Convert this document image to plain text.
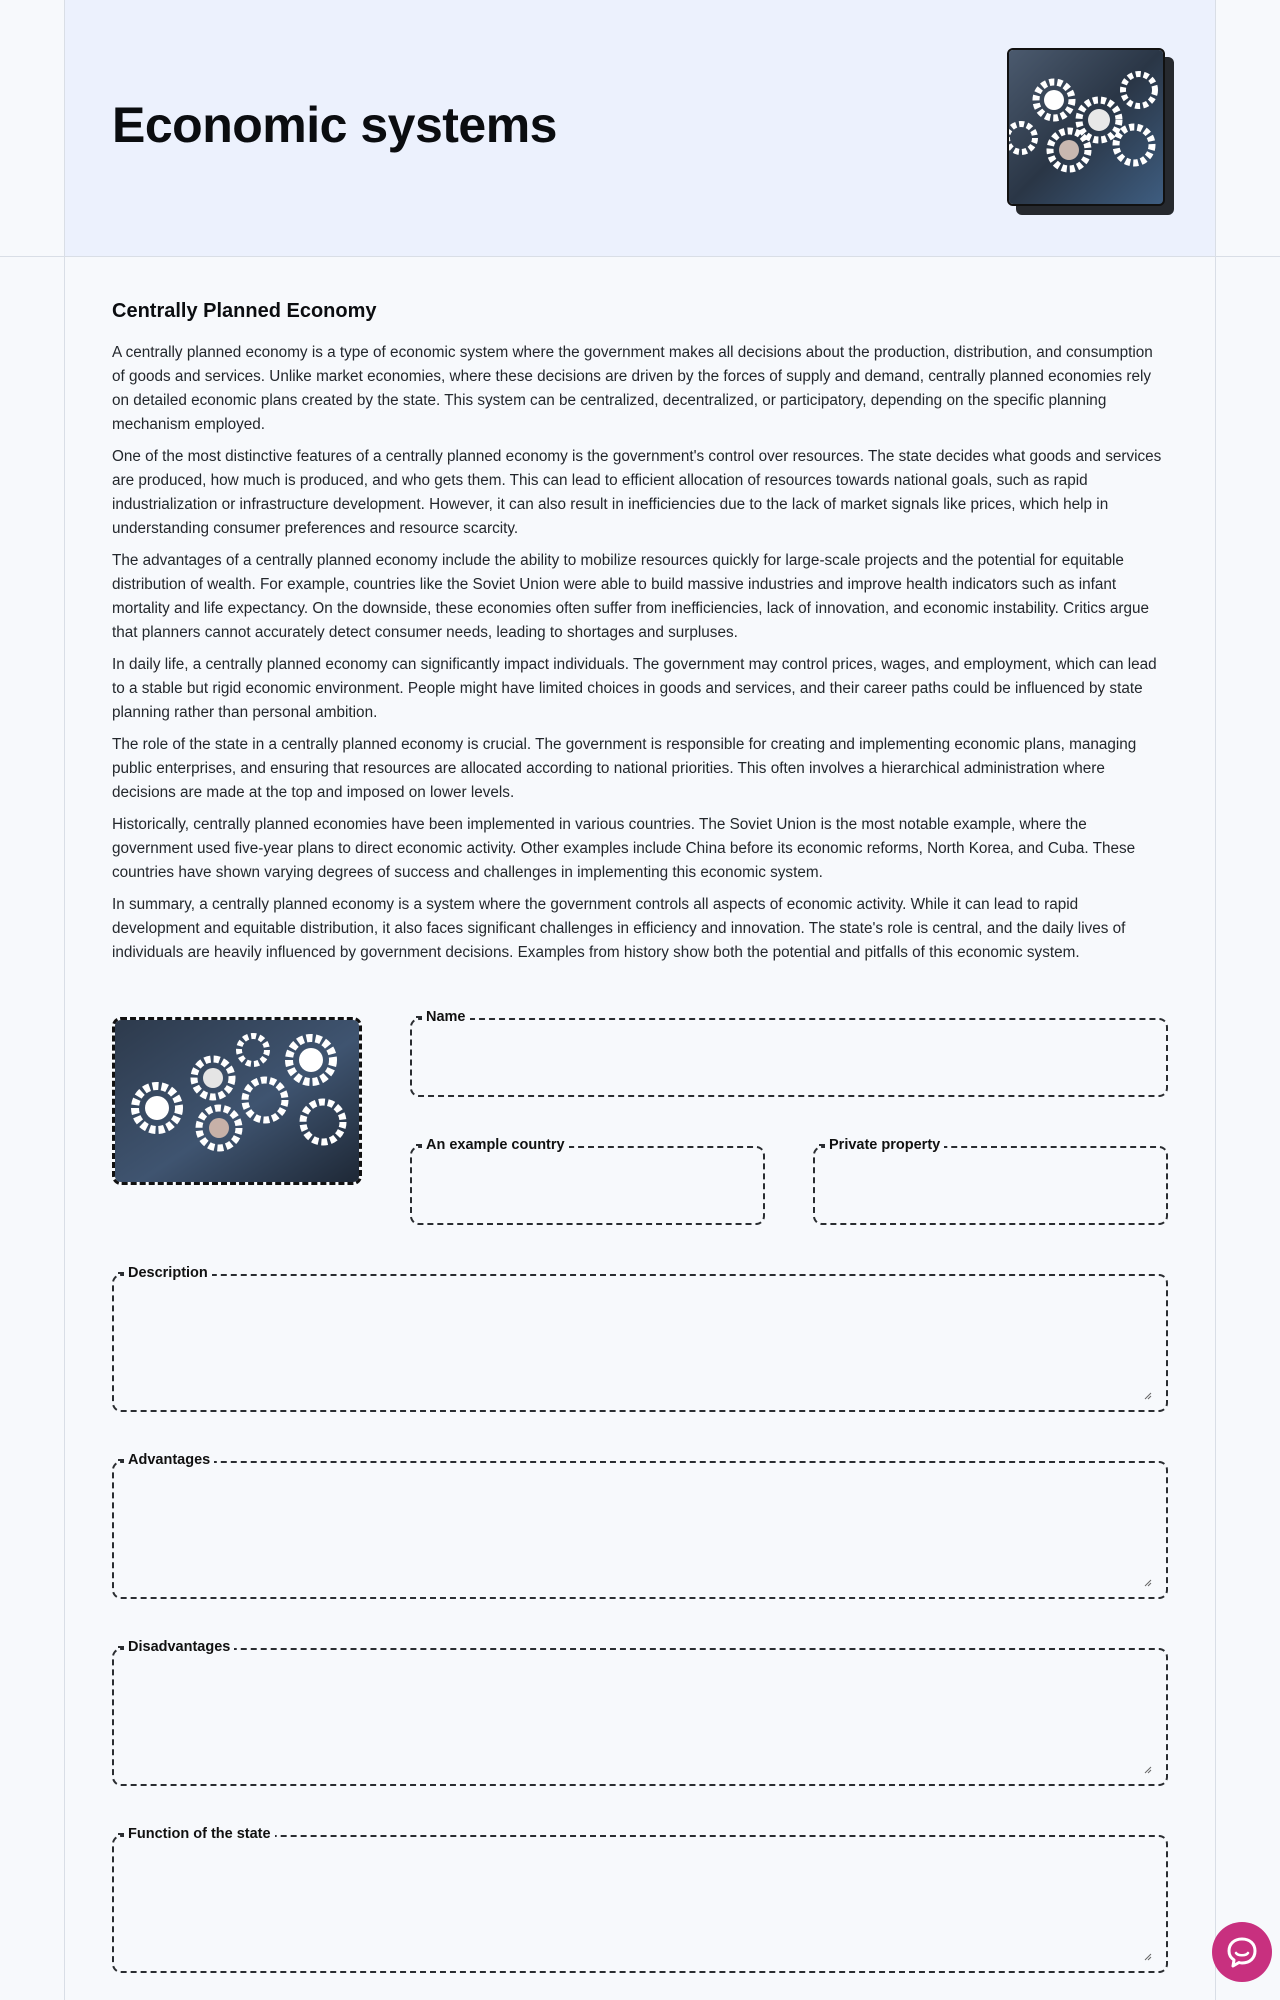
Economic systems
Centrally Planned Economy

A centrally planned economy is a type of economic system where the government makes all decisions about the production, distribution, and consumption of goods and services. Unlike market economies, where these decisions are driven by the forces of supply and demand, centrally planned economies rely on detailed economic plans created by the state. This system can be centralized, decentralized, or participatory, depending on the specific planning mechanism employed.

One of the most distinctive features of a centrally planned economy is the government's control over resources. The state decides what goods and services are produced, how much is produced, and who gets them. This can lead to efficient allocation of resources towards national goals, such as rapid industrialization or infrastructure development. However, it can also result in inefficiencies due to the lack of market signals like prices, which help in understanding consumer preferences and resource scarcity.

The advantages of a centrally planned economy include the ability to mobilize resources quickly for large-scale projects and the potential for equitable distribution of wealth. For example, countries like the Soviet Union were able to build massive industries and improve health indicators such as infant mortality and life expectancy. On the downside, these economies often suffer from inefficiencies, lack of innovation, and economic instability. Critics argue that planners cannot accurately detect consumer needs, leading to shortages and surpluses.

In daily life, a centrally planned economy can significantly impact individuals. The government may control prices, wages, and employment, which can lead to a stable but rigid economic environment. People might have limited choices in goods and services, and their career paths could be influenced by state planning rather than personal ambition.

The role of the state in a centrally planned economy is crucial. The government is responsible for creating and implementing economic plans, managing public enterprises, and ensuring that resources are allocated according to national priorities. This often involves a hierarchical administration where decisions are made at the top and imposed on lower levels.

Historically, centrally planned economies have been implemented in various countries. The Soviet Union is the most notable example, where the government used five-year plans to direct economic activity. Other examples include China before its economic reforms, North Korea, and Cuba. These countries have shown varying degrees of success and challenges in implementing this economic system.

In summary, a centrally planned economy is a system where the government controls all aspects of economic activity. While it can lead to rapid development and equitable distribution, it also faces significant challenges in efficiency and innovation. The state's role is central, and the daily lives of individuals are heavily influenced by government decisions. Examples from history show both the potential and pitfalls of this economic system.

Name
An example country	Private property
Description
Advantages
Disadvantages
Function of the state
